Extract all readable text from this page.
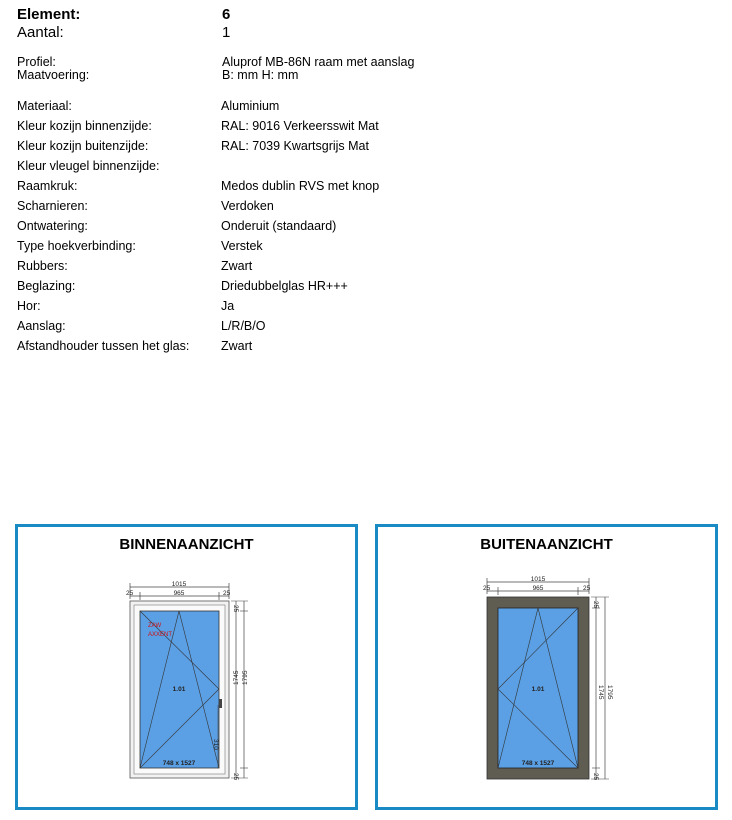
Element:	6
Aantal:	1
Profiel:	Aluprof MB-86N raam met aanslag
Maatvoering:	B: mm H: mm
Materiaal:	Aluminium
Kleur kozijn binnenzijde:	RAL: 9016 Verkeersswit Mat
Kleur kozijn buitenzijde:	RAL: 7039 Kwartsgrijs Mat
Kleur vleugel binnenzijde:
Raamkruk:	Medos dublin RVS met knop
Scharnieren:	Verdoken
Ontwatering:	Onderuit (standaard)
Type hoekverbinding:	Verstek
Rubbers:	Zwart
Beglazing:	Driedubbelglas HR+++
Hor:	Ja
Aanslag:	L/R/B/O
Afstandhouder tussen het glas:	Zwart
BINNENAANZICHT
1015
25	965	25
ZAW
AXXENT
1.01
748 x 1527
310
1745 1795
25
25
BUITENAANZICHT
1015
25	965	25
1.01
748 x 1527
1745 1795
25
25
